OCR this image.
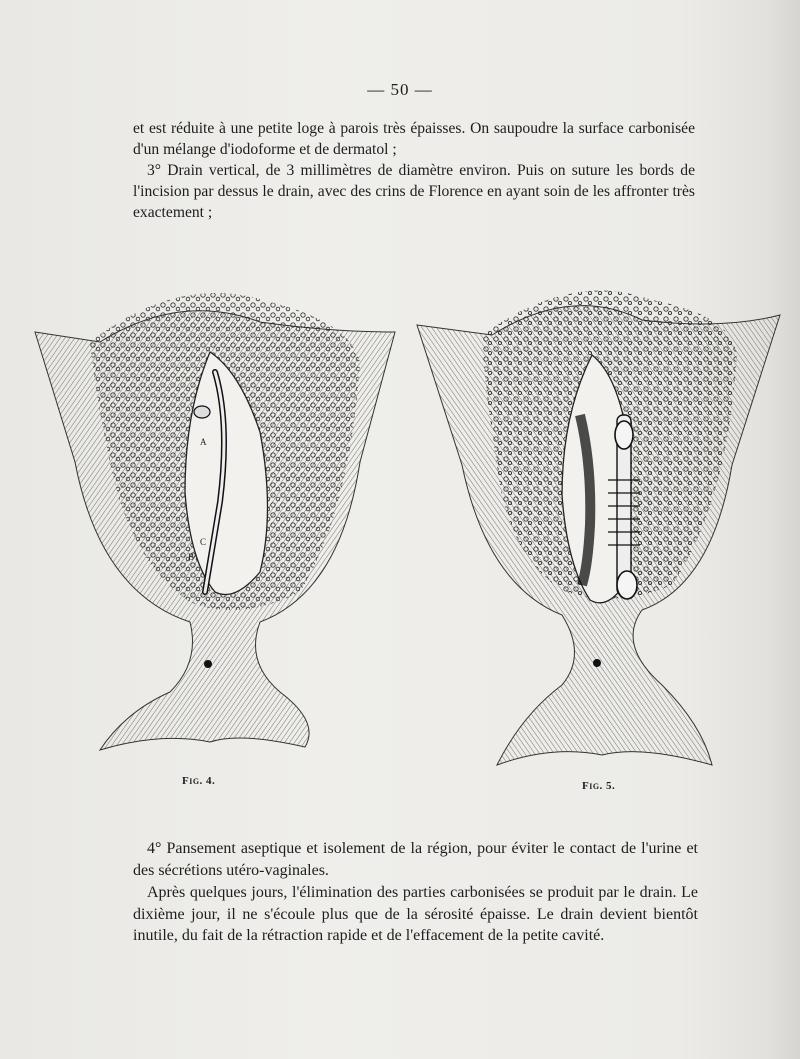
— 50 —

et est réduite à une petite loge à parois très épaisses. On saupoudre la surface carbonisée d'un mélange d'iodoforme et de dermatol ;

3° Drain vertical, de 3 millimètres de diamètre environ. Puis on suture les bords de l'incision par dessus le drain, avec des crins de Florence en ayant soin de les affronter très exactement ;

A
C
B
Fig. 4.	Fig. 5.

4° Pansement aseptique et isolement de la région, pour éviter le contact de l'urine et des sécrétions utéro-vaginales.

Après quelques jours, l'élimination des parties carbonisées se produit par le drain. Le dixième jour, il ne s'écoule plus que de la sérosité épaisse. Le drain devient bientôt inutile, du fait de la rétraction rapide et de l'effacement de la petite cavité.
